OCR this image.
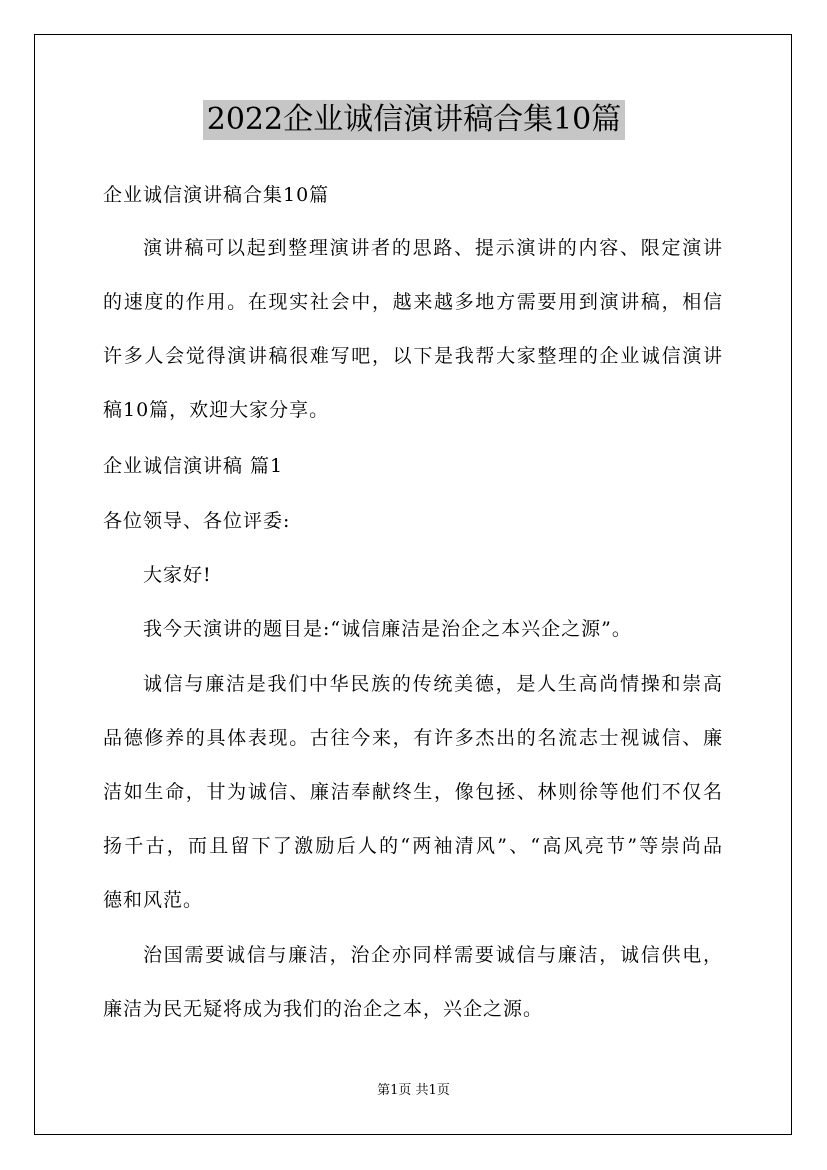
2022企业诚信演讲稿合集10篇
企业诚信演讲稿合集10篇
演讲稿可以起到整理演讲者的思路、提示演讲的内容、限定演讲
的速度的作用。在现实社会中，越来越多地方需要用到演讲稿，相信
许多人会觉得演讲稿很难写吧，以下是我帮大家整理的企业诚信演讲
稿10篇，欢迎大家分享。
企业诚信演讲稿 篇1
各位领导、各位评委:
大家好!
我今天演讲的题目是:“诚信廉洁是治企之本兴企之源”。
诚信与廉洁是我们中华民族的传统美德，是人生高尚情操和崇高
品德修养的具体表现。古往今来，有许多杰出的名流志士视诚信、廉
洁如生命，甘为诚信、廉洁奉献终生，像包拯、林则徐等他们不仅名
扬千古，而且留下了激励后人的“两袖清风”、“高风亮节”等崇尚品
德和风范。
治国需要诚信与廉洁，治企亦同样需要诚信与廉洁，诚信供电，
廉洁为民无疑将成为我们的治企之本，兴企之源。
第1页 共1页
